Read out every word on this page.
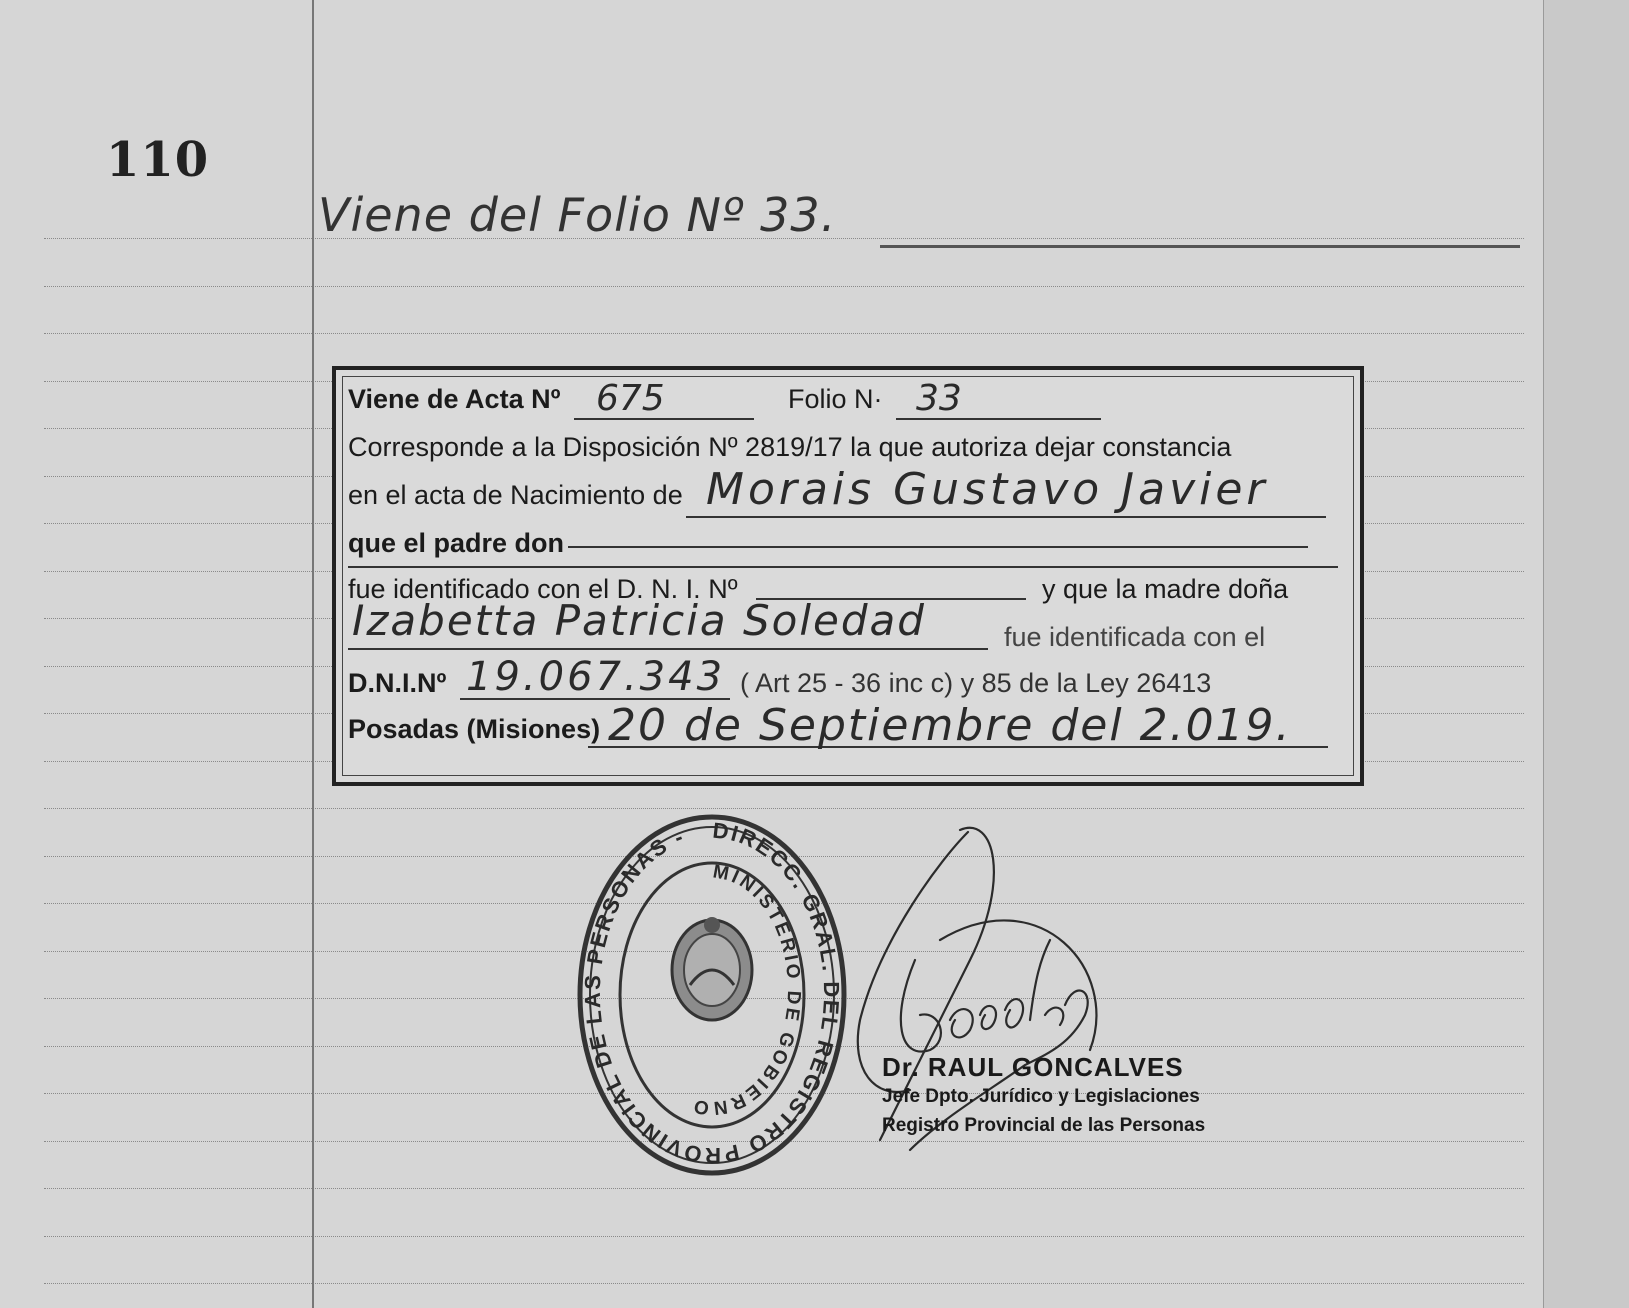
110
Viene del Folio Nº 33.
Viene de Acta Nº 675	Folio N· 33
Corresponde a la Disposición Nº 2819/17 la que autoriza dejar constancia
en el acta de Nacimiento de Morais Gustavo Javier
que el padre don
fue identificado con el D. N. I. Nº	y que la madre doña
Izabetta Patricia Soledad	fue identificada con el
D.N.I.Nº 19.067.343 ( Art 25 - 36 inc c) y 85 de la Ley 26413
Posadas (Misiones) 20 de Septiembre del 2.019.
DIRECC. GRAL. DEL REGISTRO PROVINCIAL DE LAS PERSONAS -
MINISTERIO DE GOBIERNO
Dr. RAUL GONCALVES
Jefe Dpto. Jurídico y Legislaciones
Registro Provincial de las Personas
